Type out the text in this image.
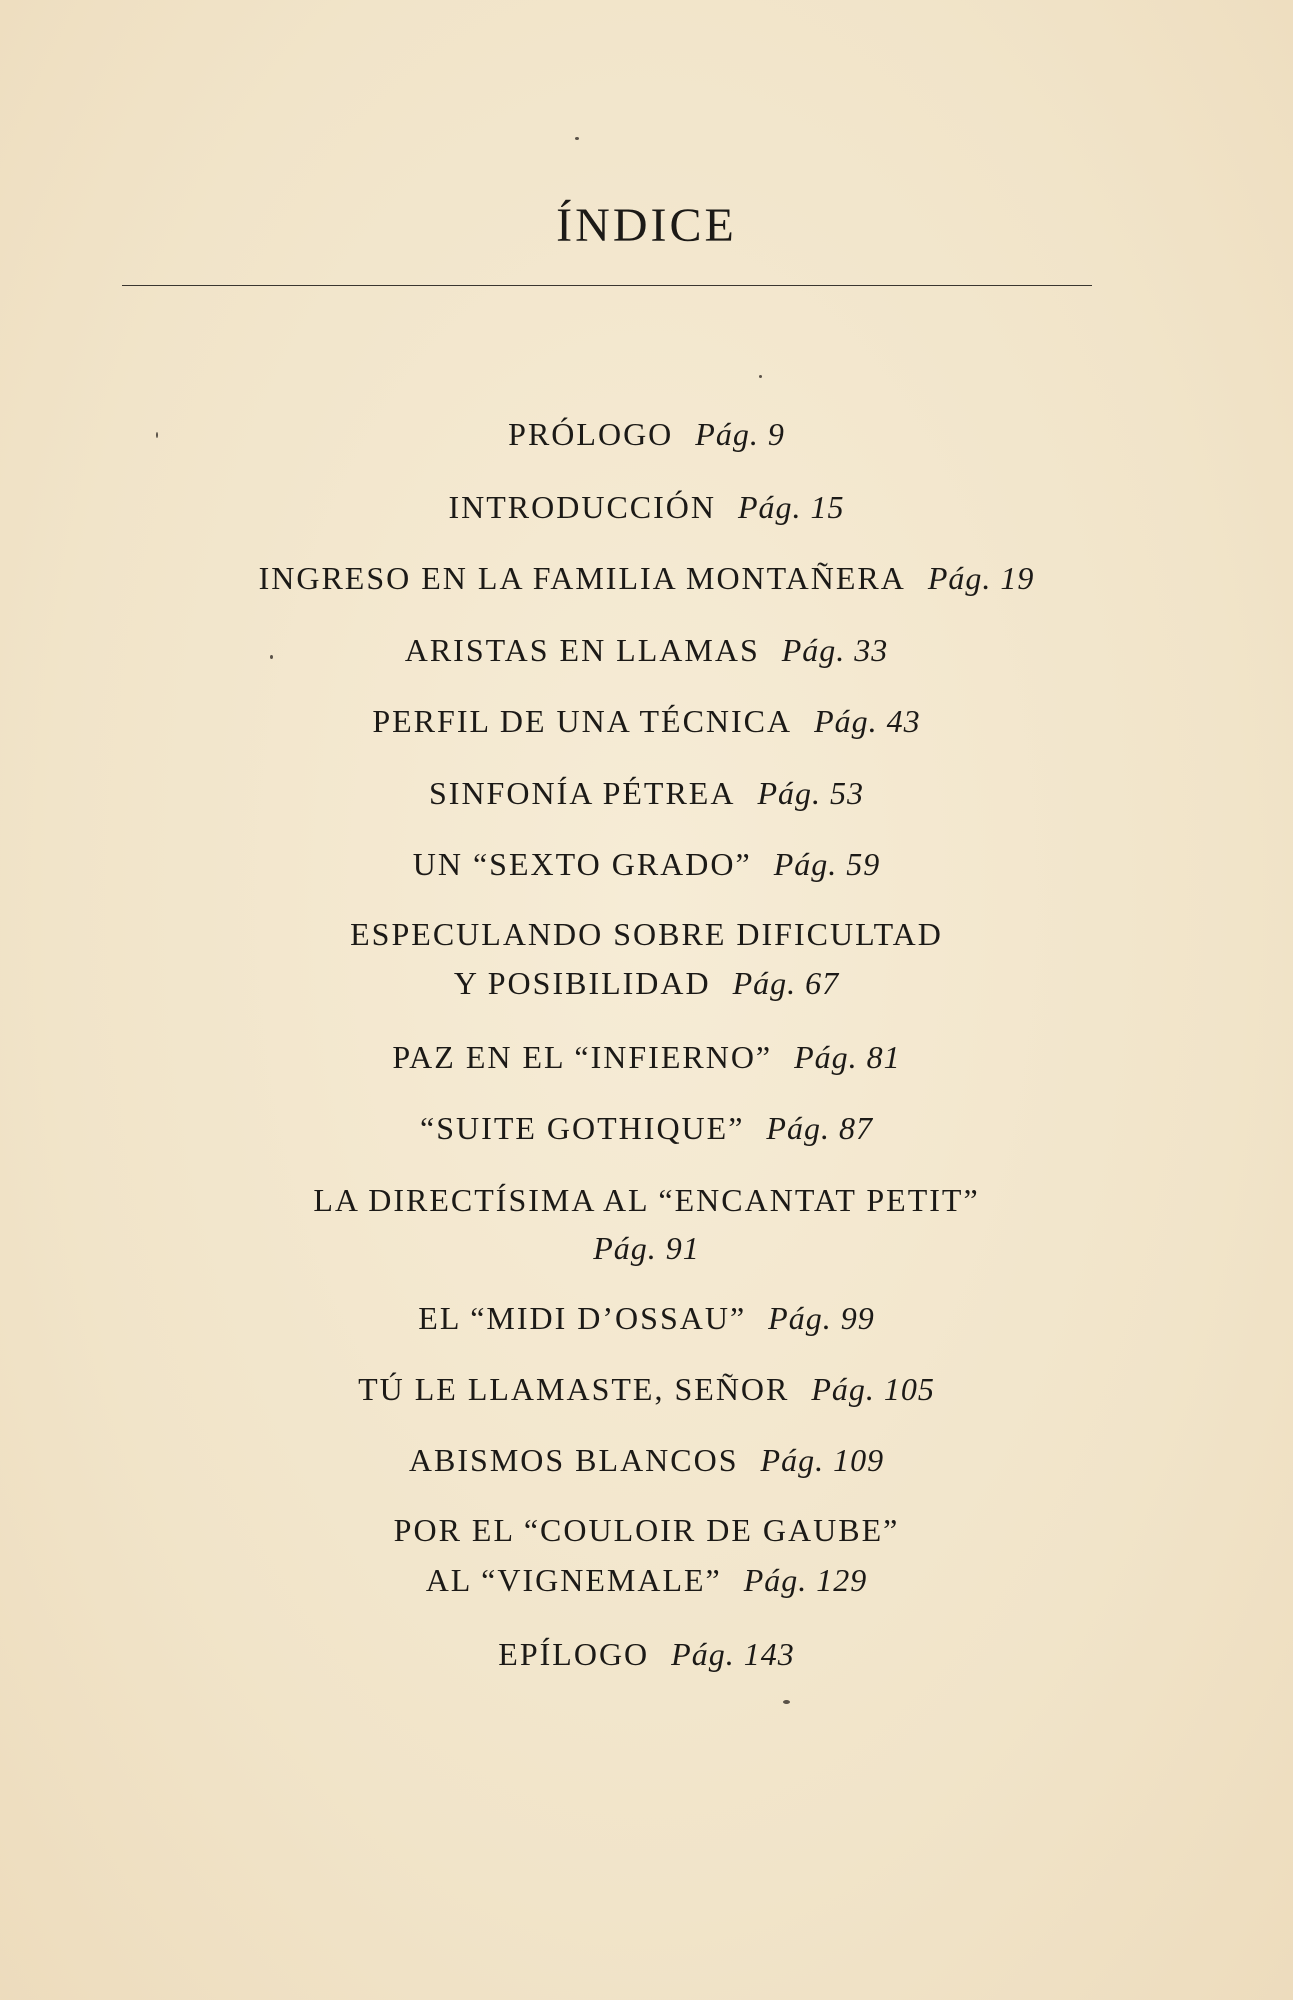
ÍNDICE
PRÓLOGO Pág. 9
INTRODUCCIÓN Pág. 15
INGRESO EN LA FAMILIA MONTAÑERA Pág. 19
ARISTAS EN LLAMAS Pág. 33
PERFIL DE UNA TÉCNICA Pág. 43
SINFONÍA PÉTREA Pág. 53
UN “SEXTO GRADO” Pág. 59
ESPECULANDO SOBRE DIFICULTAD
Y POSIBILIDAD Pág. 67
PAZ EN EL “INFIERNO” Pág. 81
“SUITE GOTHIQUE” Pág. 87
LA DIRECTÍSIMA AL “ENCANTAT PETIT”
Pág. 91
EL “MIDI D’OSSAU” Pág. 99
TÚ LE LLAMASTE, SEÑOR Pág. 105
ABISMOS BLANCOS Pág. 109
POR EL “COULOIR DE GAUBE”
AL “VIGNEMALE” Pág. 129
EPÍLOGO Pág. 143
